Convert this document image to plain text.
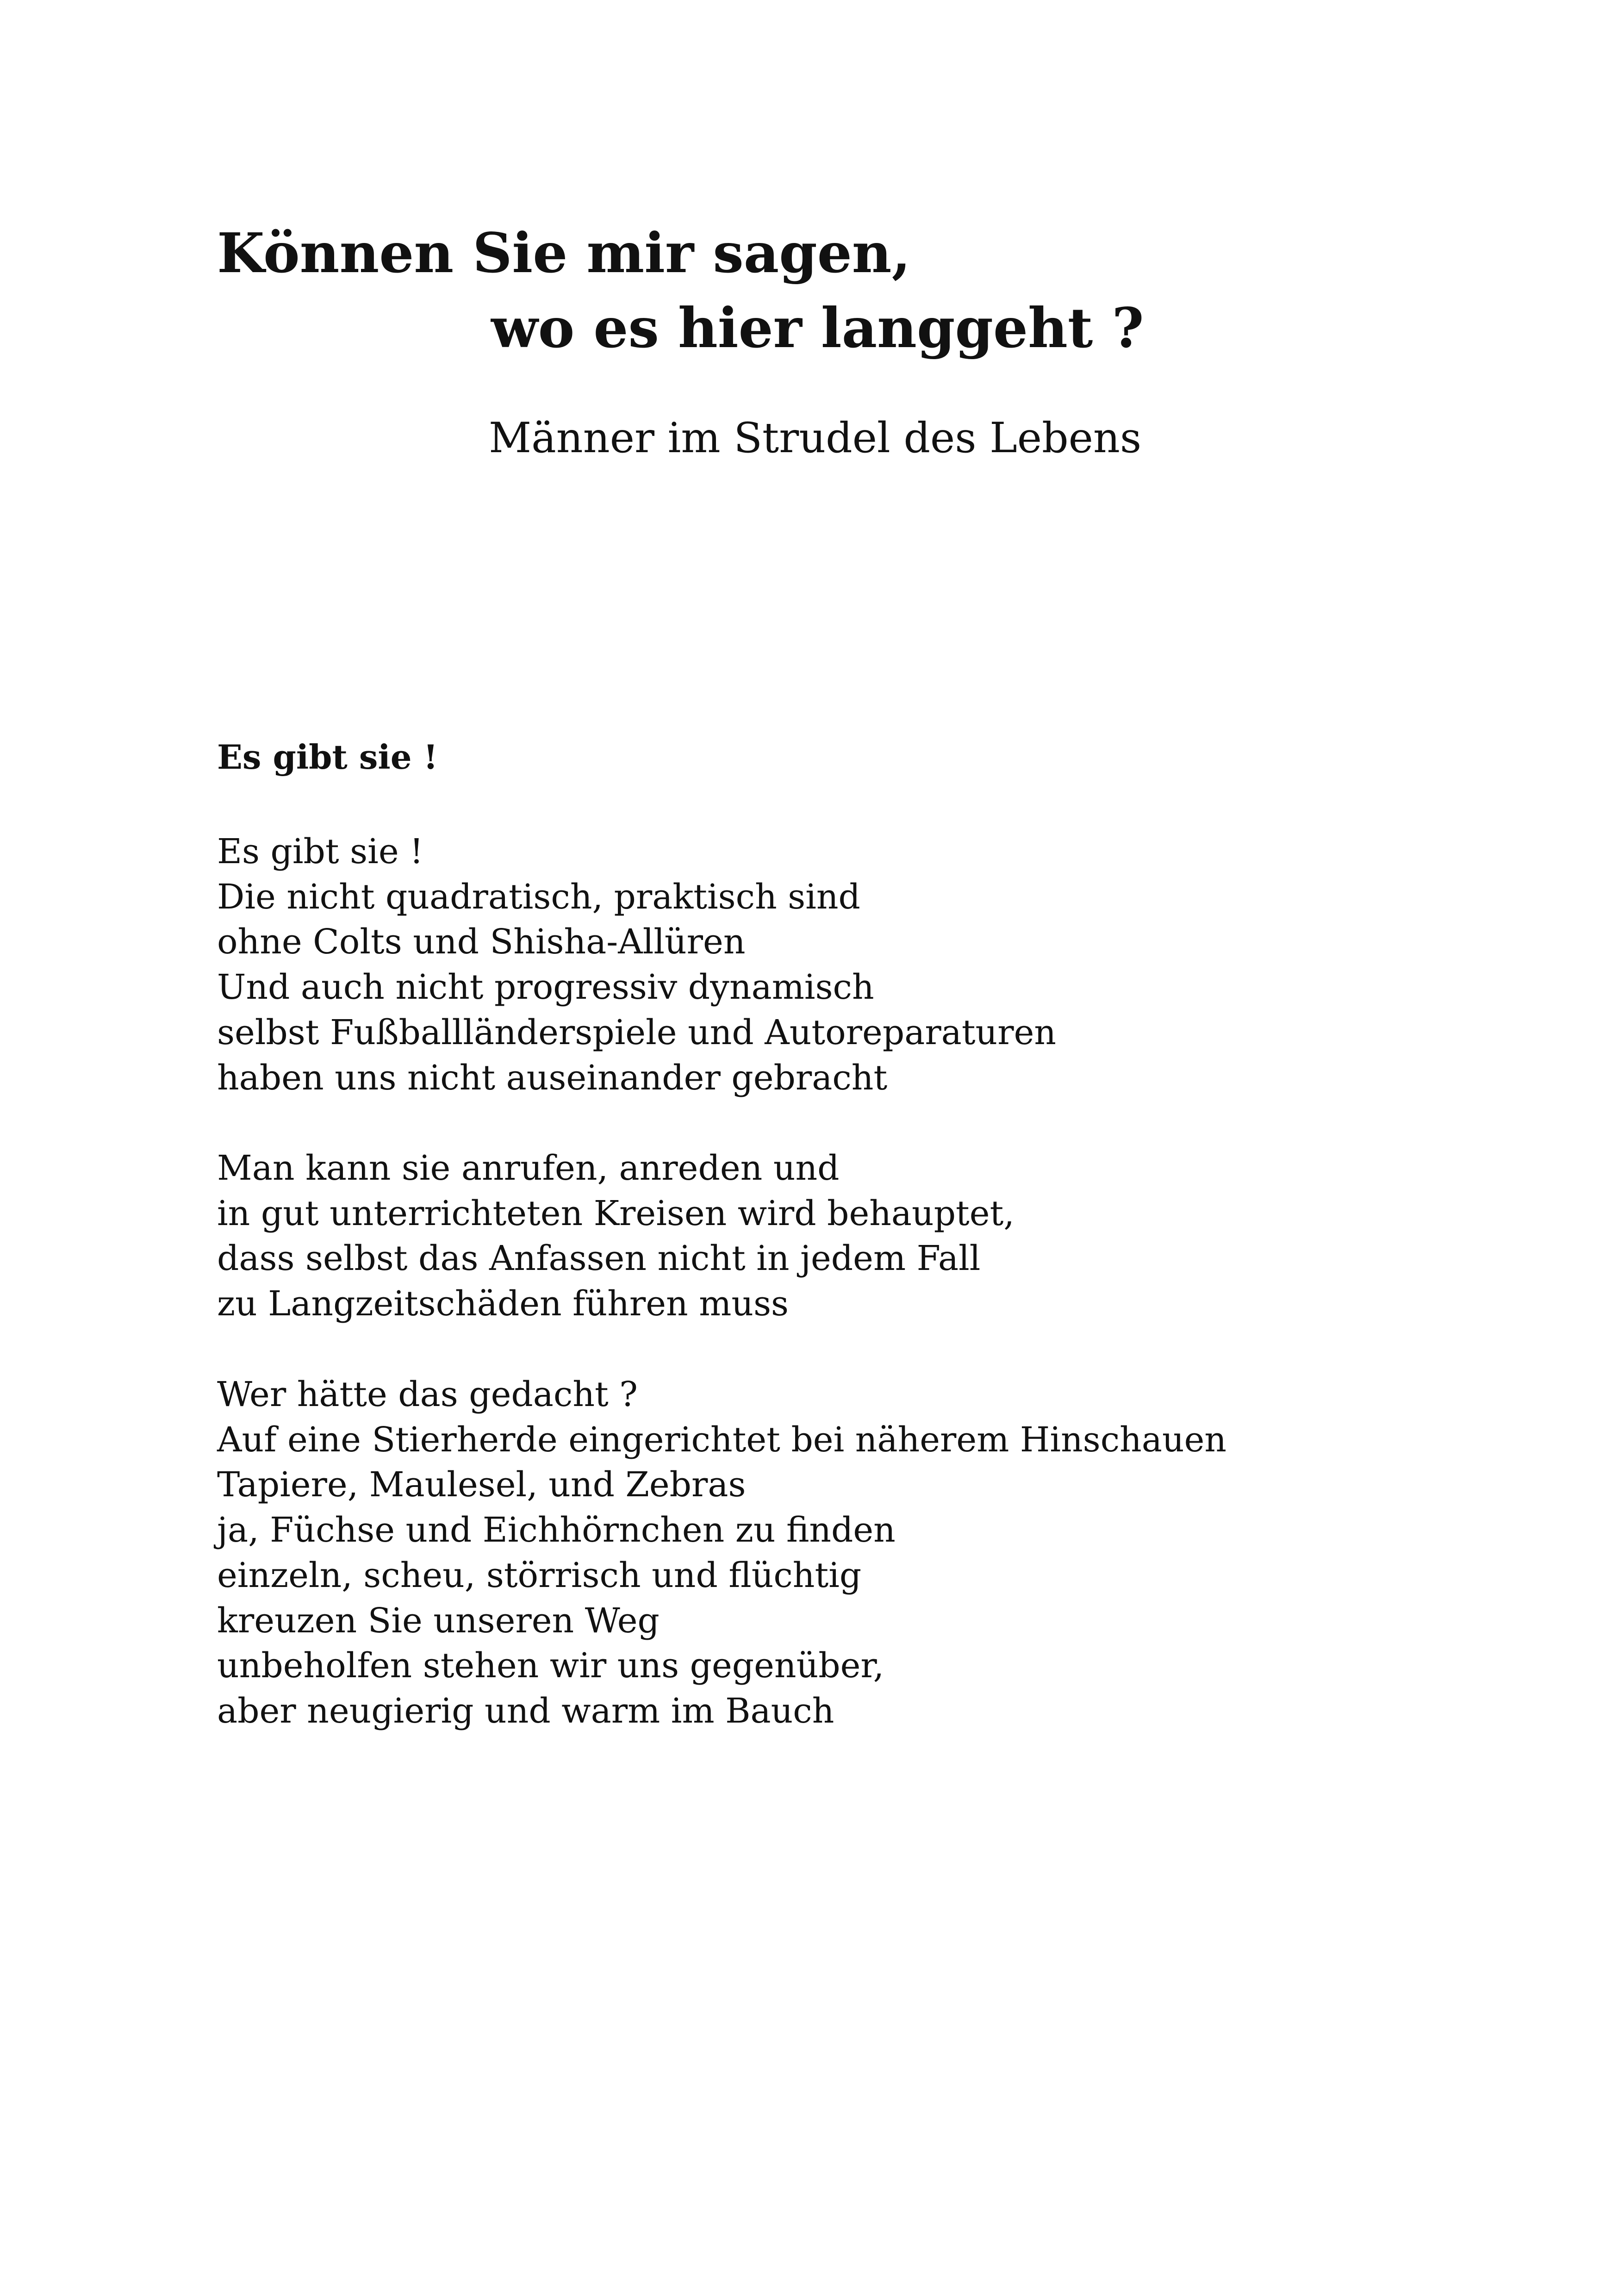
Können Sie mir sagen,
wo es hier langgeht ?
Männer im Strudel des Lebens
Es gibt sie !
Es gibt sie !
Die nicht quadratisch, praktisch sind
ohne Colts und Shisha-Allüren
Und auch nicht progressiv dynamisch
selbst Fußballländerspiele und Autoreparaturen
haben uns nicht auseinander gebracht
Man kann sie anrufen, anreden und
in gut unterrichteten Kreisen wird behauptet,
dass selbst das Anfassen nicht in jedem Fall
zu Langzeitschäden führen muss
Wer hätte das gedacht ?
Auf eine Stierherde eingerichtet bei näherem Hinschauen
Tapiere, Maulesel, und Zebras
ja, Füchse und Eichhörnchen zu finden
einzeln, scheu, störrisch und flüchtig
kreuzen Sie unseren Weg
unbeholfen stehen wir uns gegenüber,
aber neugierig und warm im Bauch
